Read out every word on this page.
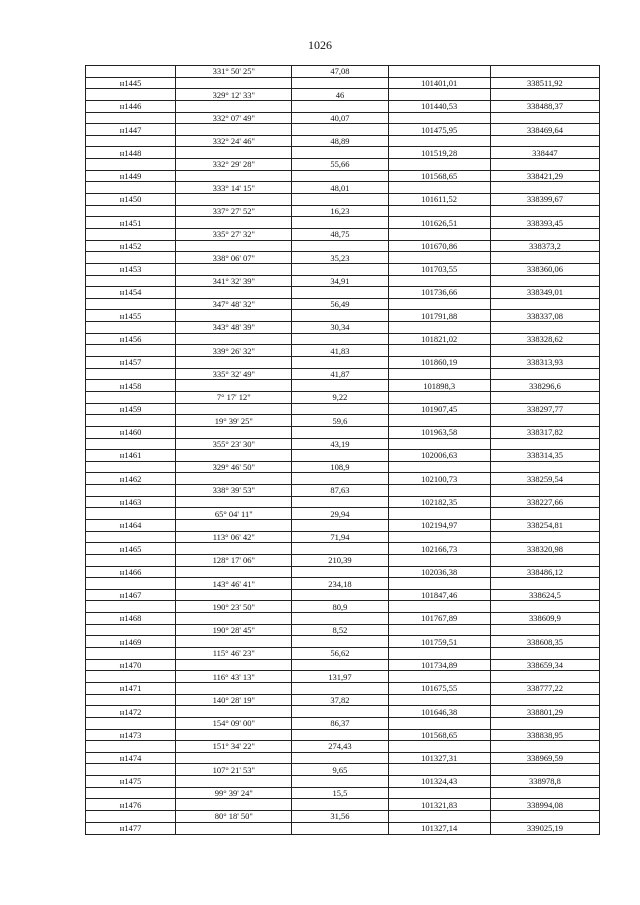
1026
	331° 50' 25"	47,08		
н1445			101401,01	338511,92
	329° 12' 33"	46		
н1446			101440,53	338488,37
	332° 07' 49"	40,07		
н1447			101475,95	338469,64
	332° 24' 46"	48,89		
н1448			101519,28	338447
	332° 29' 28"	55,66		
н1449			101568,65	338421,29
	333° 14' 15"	48,01		
н1450			101611,52	338399,67
	337° 27' 52"	16,23		
н1451			101626,51	338393,45
	335° 27' 32"	48,75		
н1452			101670,86	338373,2
	338° 06' 07"	35,23		
н1453			101703,55	338360,06
	341° 32' 39"	34,91		
н1454			101736,66	338349,01
	347° 48' 32"	56,49		
н1455			101791,88	338337,08
	343° 48' 39"	30,34		
н1456			101821,02	338328,62
	339° 26' 32"	41,83		
н1457			101860,19	338313,93
	335° 32' 49"	41,87		
н1458			101898,3	338296,6
	7° 17' 12"	9,22		
н1459			101907,45	338297,77
	19° 39' 25"	59,6		
н1460			101963,58	338317,82
	355° 23' 30"	43,19		
н1461			102006,63	338314,35
	329° 46' 50"	108,9		
н1462			102100,73	338259,54
	338° 39' 53"	87,63		
н1463			102182,35	338227,66
	65° 04' 11"	29,94		
н1464			102194,97	338254,81
	113° 06' 42"	71,94		
н1465			102166,73	338320,98
	128° 17' 06"	210,39		
н1466			102036,38	338486,12
	143° 46' 41"	234,18		
н1467			101847,46	338624,5
	190° 23' 50"	80,9		
н1468			101767,89	338609,9
	190° 28' 45"	8,52		
н1469			101759,51	338608,35
	115° 46' 23"	56,62		
н1470			101734,89	338659,34
	116° 43' 13"	131,97		
н1471			101675,55	338777,22
	140° 28' 19"	37,82		
н1472			101646,38	338801,29
	154° 09' 00"	86,37		
н1473			101568,65	338838,95
	151° 34' 22"	274,43		
н1474			101327,31	338969,59
	107° 21' 53"	9,65		
н1475			101324,43	338978,8
	99° 39' 24"	15,5		
н1476			101321,83	338994,08
	80° 18' 50"	31,56		
н1477			101327,14	339025,19
